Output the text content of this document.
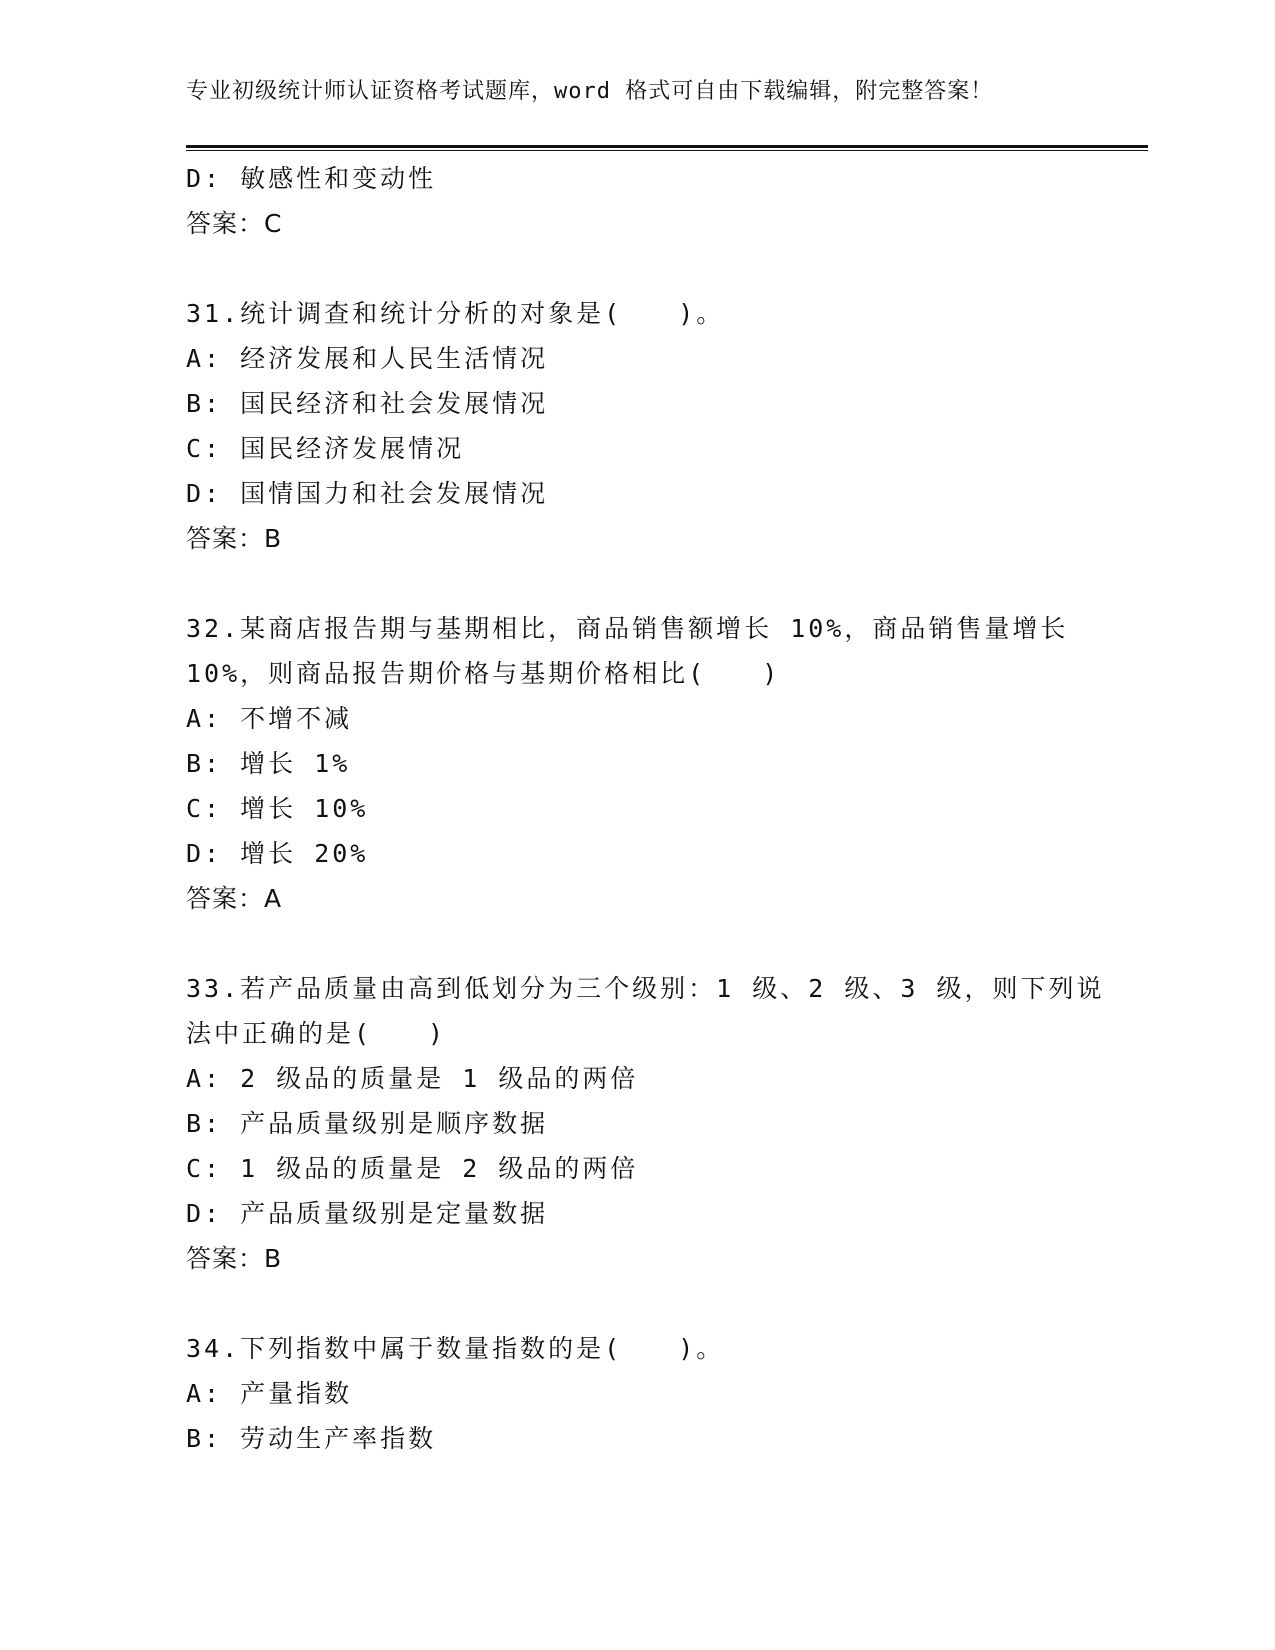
专业初级统计师认证资格考试题库，word 格式可自由下载编辑，附完整答案！
D: 敏感性和变动性
答案：C
31.统计调查和统计分析的对象是(　　)。
A: 经济发展和人民生活情况
B: 国民经济和社会发展情况
C: 国民经济发展情况
D: 国情国力和社会发展情况
答案：B
32.某商店报告期与基期相比，商品销售额增长 10%，商品销售量增长
10%，则商品报告期价格与基期价格相比(　　)
A: 不增不减
B: 增长 1%
C: 增长 10%
D: 增长 20%
答案：A
33.若产品质量由高到低划分为三个级别：1 级、2 级、3 级，则下列说
法中正确的是(　　)
A: 2 级品的质量是 1 级品的两倍
B: 产品质量级别是顺序数据
C: 1 级品的质量是 2 级品的两倍
D: 产品质量级别是定量数据
答案：B
34.下列指数中属于数量指数的是(　　)。
A: 产量指数
B: 劳动生产率指数
